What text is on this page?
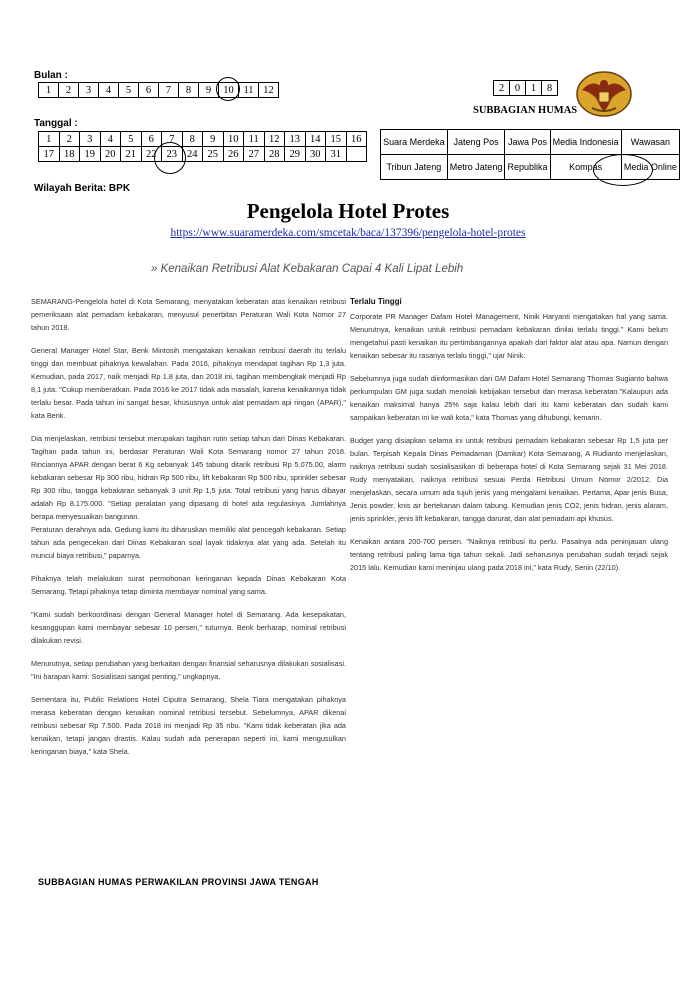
Bulan :
1	2	3	4	5	6	7	8	9	10	11	12
Tanggal :
1	2	3	4	5	6	7	8	9	10	11	12	13	14	15	16
17	18	19	20	21	22	23	24	25	26	27	28	29	30	31	
Wilayah Berita: BPK
2	0	1	8
SUBBAGIAN HUMAS
Suara Merdeka	Jateng Pos	Jawa Pos	Media Indonesia	Wawasan
Tribun Jateng	Metro Jateng	Republika	Kompas	Media Online
Pengelola Hotel Protes
https://www.suaramerdeka.com/smcetak/baca/137396/pengelola-hotel-protes
» Kenaikan Retribusi Alat Kebakaran Capai 4 Kali Lipat Lebih

SEMARANG-Pengelola hotel di Kota Semarang, menyatakan keberatan atas kenaikan retribusi pemeriksaan alat pemadam kebakaran, menyusul penerbitan Peraturan Wali Kota Nomor 27 tahun 2018.

General Manager Hotel Star, Benk Mintosih mengatakan kenaikan retribusi daerah itu terlalu tinggi dan membuat pihaknya kewalahan. Pada 2016, pihaknya mendapat tagihan Rp 1,3 juta. Kemudian, pada 2017, naik menjadi Rp 1,8 juta, dan 2018 ini, tagihan membengkak menjadi Rp 8,1 juta. "Cukup memberatkan. Pada 2016 ke 2017 tidak ada masalah, karena kenaikannya tidak terlalu besar. Pada tahun ini sangat besar, khususnya untuk alat pemadam api ringan (APAR)," kata Benk.

Dia menjelaskan, retribusi tersebut merupakan tagihan rutin setiap tahun dari Dinas Kebakaran. Tagihan pada tahun ini, berdasar Peraturan Wali Kota Semarang nomor 27 tahun 2018. Rinciannya APAR dengan berat 6 Kg sebanyak 145 tabung ditarik retribusi Rp 5.075.00, alarm kebakaran sebesar Rp 300 ribu, hidran Rp 500 ribu, lift kebakaran Rp 500 ribu, sprinkler sebesar Rp 300 ribu, tangga kebakaran sebanyak 3 unit Rp 1,5 juta. Total retribusi yang harus dibayar adalah Rp 8.175.000. "Setiap peralatan yang dipasang di hotel ada regulasinya. Jumlahnya berapa menyesuaikan bangunan.

Peraturan derahnya ada. Gedung kami itu diharuskan memiliki alat pencegah kebakaran. Setiap tahun ada pengecekan dari Dinas Kebakaran soal layak tidaknya alat yang ada. Setelah itu muncul biaya retribusi," paparnya.

Pihaknya telah melakukan surat permohonan keringanan kepada Dinas Kebakaran Kota Semarang. Tetapi pihaknya tetap diminta membayar nominal yang sama.

"Kami sudah berkoordinasi dengan General Manager hotel di Semarang. Ada kesepakatan, kesanggupan kami membayar sebesar 10 persen," tuturnya. Benk berharap, nominal retribusi dilakukan revisi.

Menurutnya, setiap perubahan yang berkaitan dengan finansial seharusnya dilakukan sosialisasi. "Ini harapan kami. Sosialisasi sangat penting," ungkapnya.

Sementara itu, Public Relations Hotel Ciputra Semarang, Shela Tiara mengatakan pihaknya merasa keberatan dengan kenaikan nominal retribusi tersebut. Sebelumnya, APAR dikenai retribusi sebesar Rp 7.500. Pada 2018 ini menjadi Rp 35 ribu. "Kami tidak keberatan jika ada kenaikan, tetapi jangan drastis. Kalau sudah ada penerapan seperti ini, kami mengusulkan keringanan biaya," kata Shela.

Terlalu Tinggi

Corporate PR Manager Dafam Hotel Management, Ninik Haryanti mengatakan hal yang sama. Menurutnya, kenaikan untuk retribusi pemadam kebakaran dinilai terlalu tinggi." Kami belum mengetahui pasti kenaikan itu pertimbangannya apakah dari faktor alat atau apa. Namun dengan kenaikan sebesar itu rasanya terlalu tinggi," ujar Ninik.

Sebelumnya juga sudah diinformasikan dari GM Dafam Hotel Semarang Thomas Sugianto bahwa perkumpulan GM juga sudah menolak kebijakan tersebut dan merasa keberatan."Kalaupun ada kenaikan maksimal hanya 25% saja kalau lebih dari itu kami keberatan dan sudah kami sampaikan keberatan ini ke wali kota," kata Thomas yang dihubungi, kemarin.

Budget yang disiapkan selama ini untuk retribusi pemadam kebakaran sebesar Rp 1,5 juta per bulan. Terpisah Kepala Dinas Pemadaman (Damkar) Kota Semarang, A Rudianto menjelaskan, naiknya retribusi sudah sosialisasikan di beberapa hotel di Kota Semarang sejak 31 Mei 2018. Rudy menyatakan, naiknya retribusi sesuai Perda Retribusi Umum Nomor 2/2012. Dia menjelaskan, secara umum ada tujuh jenis yang mengalami kenaikan. Pertama, Apar jenis Busa, Jenis powder, knis air bertekanan dalam tabung. Kemudian jenis CO2, jenis hidran, jenis alaram, jenis sprinkler, jenis lift kebakaran, tangga darurat, dan alat pemadam api khusus.

Kenaikan antara 200-700 persen. "Naiknya retribusi itu perlu. Pasalnya ada peninjauan ulang tentang retribusi paling lama tiga tahun sekali. Jadi seharusnya perubahan sudah terjadi sejak 2015 lalu. Kemudian kami meninjau ulang pada 2018 ini," kata Rudy, Senin (22/10).

SUBBAGIAN HUMAS PERWAKILAN PROVINSI JAWA TENGAH
